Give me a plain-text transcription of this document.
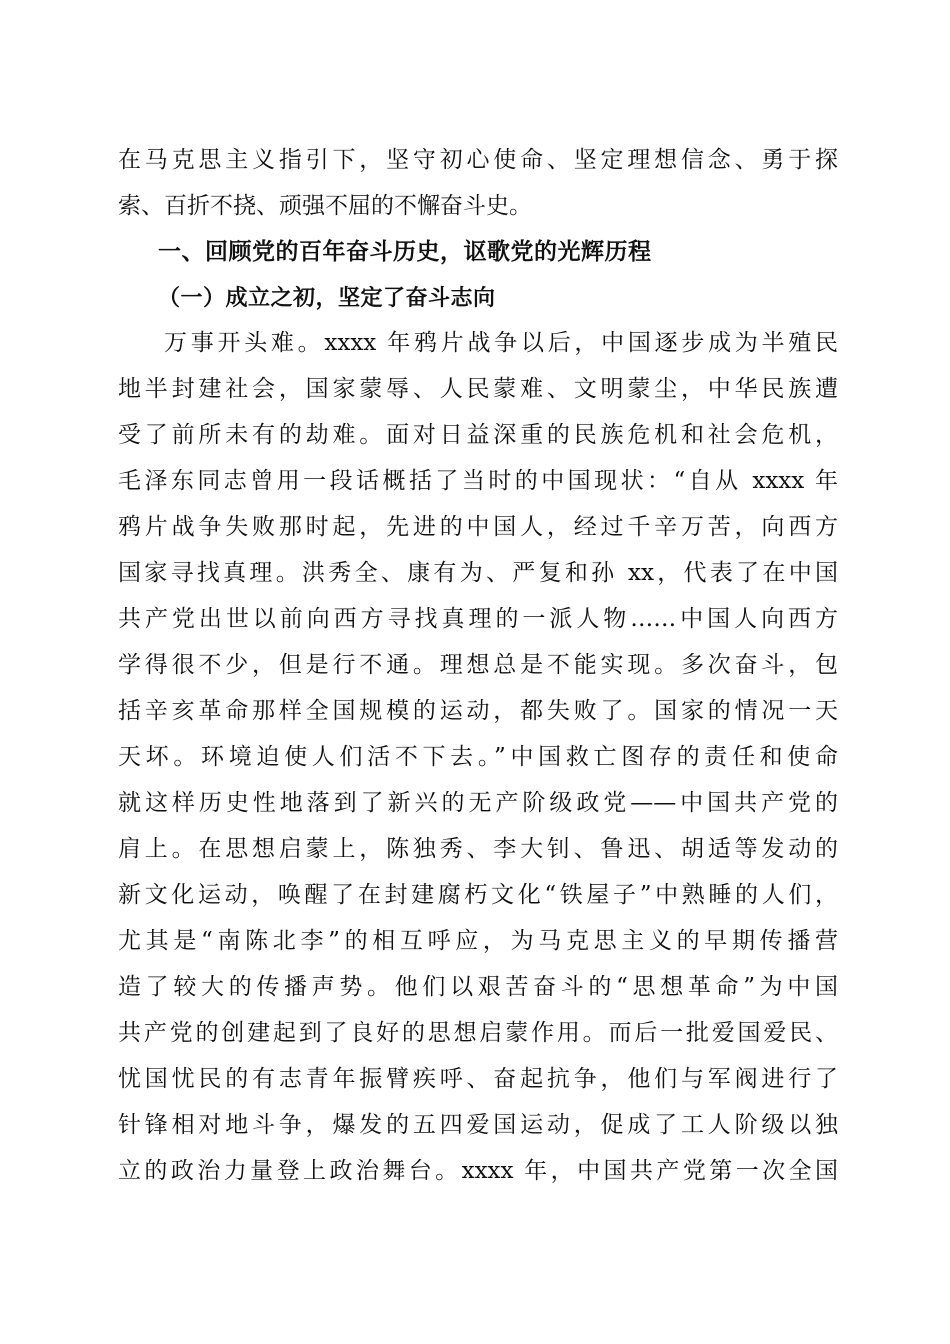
在马克思主义指引下，坚守初心使命、坚定理想信念、勇于探
索、百折不挠、顽强不屈的不懈奋斗史。
一、回顾党的百年奋斗历史，讴歌党的光辉历程
（一）成立之初，坚定了奋斗志向
万事开头难。xxxx 年鸦片战争以后，中国逐步成为半殖民
地半封建社会，国家蒙辱、人民蒙难、文明蒙尘，中华民族遭
受了前所未有的劫难。面对日益深重的民族危机和社会危机，
毛泽东同志曾用一段话概括了当时的中国现状：“自从 xxxx 年
鸦片战争失败那时起，先进的中国人，经过千辛万苦，向西方
国家寻找真理。洪秀全、康有为、严复和孙 xx，代表了在中国
共产党出世以前向西方寻找真理的一派人物……中国人向西方
学得很不少，但是行不通。理想总是不能实现。多次奋斗，包
括辛亥革命那样全国规模的运动，都失败了。国家的情况一天
天坏。环境迫使人们活不下去。”中国救亡图存的责任和使命
就这样历史性地落到了新兴的无产阶级政党——中国共产党的
肩上。在思想启蒙上，陈独秀、李大钊、鲁迅、胡适等发动的
新文化运动，唤醒了在封建腐朽文化“铁屋子”中熟睡的人们，
尤其是“南陈北李”的相互呼应，为马克思主义的早期传播营
造了较大的传播声势。他们以艰苦奋斗的“思想革命”为中国
共产党的创建起到了良好的思想启蒙作用。而后一批爱国爱民、
忧国忧民的有志青年振臂疾呼、奋起抗争，他们与军阀进行了
针锋相对地斗争，爆发的五四爱国运动，促成了工人阶级以独
立的政治力量登上政治舞台。xxxx 年，中国共产党第一次全国
